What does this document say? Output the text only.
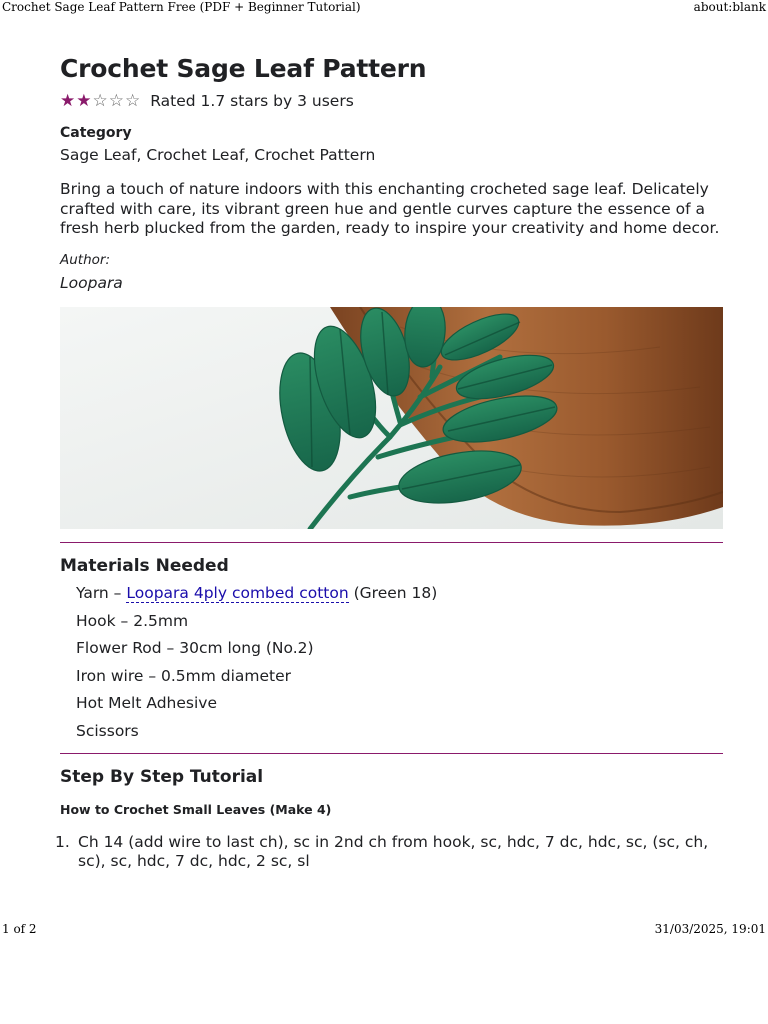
Crochet Sage Leaf Pattern Free (PDF + Beginner Tutorial)	about:blank
Crochet Sage Leaf Pattern
★ ★ ☆ ☆ ☆ Rated 1.7 stars by 3 users
Category
Sage Leaf, Crochet Leaf, Crochet Pattern
Bring a touch of nature indoors with this enchanting crocheted sage leaf. Delicately crafted with care, its vibrant green hue and gentle curves capture the essence of a fresh herb plucked from the garden, ready to inspire your creativity and home decor.
Author:
Loopara
Materials Needed
Yarn – Loopara 4ply combed cotton (Green 18)
Hook – 2.5mm
Flower Rod – 30cm long (No.2)
Iron wire – 0.5mm diameter
Hot Melt Adhesive
Scissors
Step By Step Tutorial
How to Crochet Small Leaves (Make 4)
1. Ch 14 (add wire to last ch), sc in 2nd ch from hook, sc, hdc, 7 dc, hdc, sc, (sc, ch, sc), sc, hdc, 7 dc, hdc, 2 sc, sl
1 of 2	31/03/2025, 19:01
